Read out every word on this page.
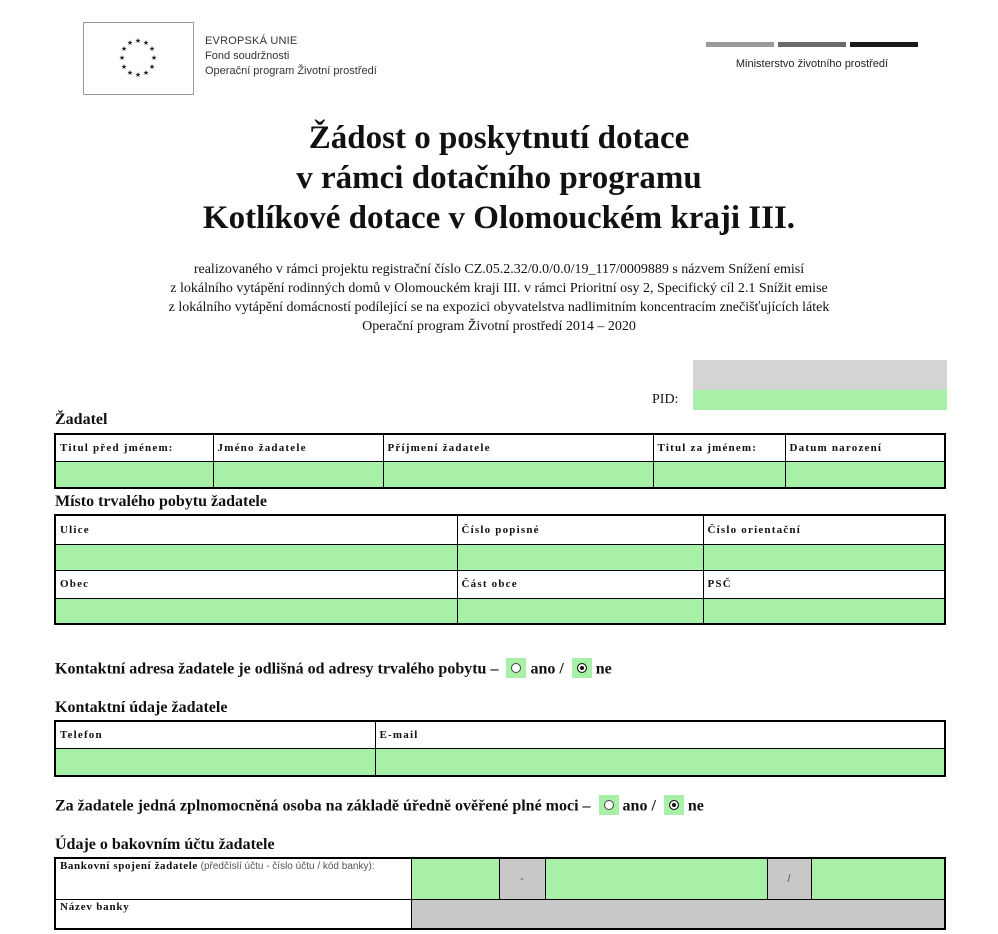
★ ★
★
★
★
★
★
★
★
★
★
★	EVROPSKÁ UNIE
Fond soudržnosti
Operační program Životní prostředí
Ministerstvo životního prostředí
Žádost o poskytnutí dotace
v rámci dotačního programu
Kotlíkové dotace v Olomouckém kraji III.
realizovaného v rámci projektu registrační číslo CZ.05.2.32/0.0/0.0/19_117/0009889 s názvem Snížení emisí
z lokálního vytápění rodinných domů v Olomouckém kraji III. v rámci Prioritní osy 2, Specifický cíl 2.1 Snížit emise
z lokálního vytápění domácností podílející se na expozici obyvatelstva nadlimitním koncentracím znečišťujících látek
Operační program Životní prostředí 2014 – 2020
PID:
Žadatel
Titul před jménem:	Jméno žadatele	Příjmení žadatele	Titul za jménem:	Datum narození

Místo trvalého pobytu žadatele
Ulice	Číslo popisné	Číslo orientační

Obec	Část obce	PSČ

Kontaktní adresa žadatele je odlišná od adresy trvalého pobytu – ano / ne
Kontaktní údaje žadatele
Telefon	E-mail

Za žadatele jedná zplnomocněná osoba na základě úředně ověřené plné moci – ano / ne
Údaje o bakovním účtu žadatele
Bankovní spojení žadatele (předčíslí účtu - číslo účtu / kód banky):		-		/	
Název banky					
